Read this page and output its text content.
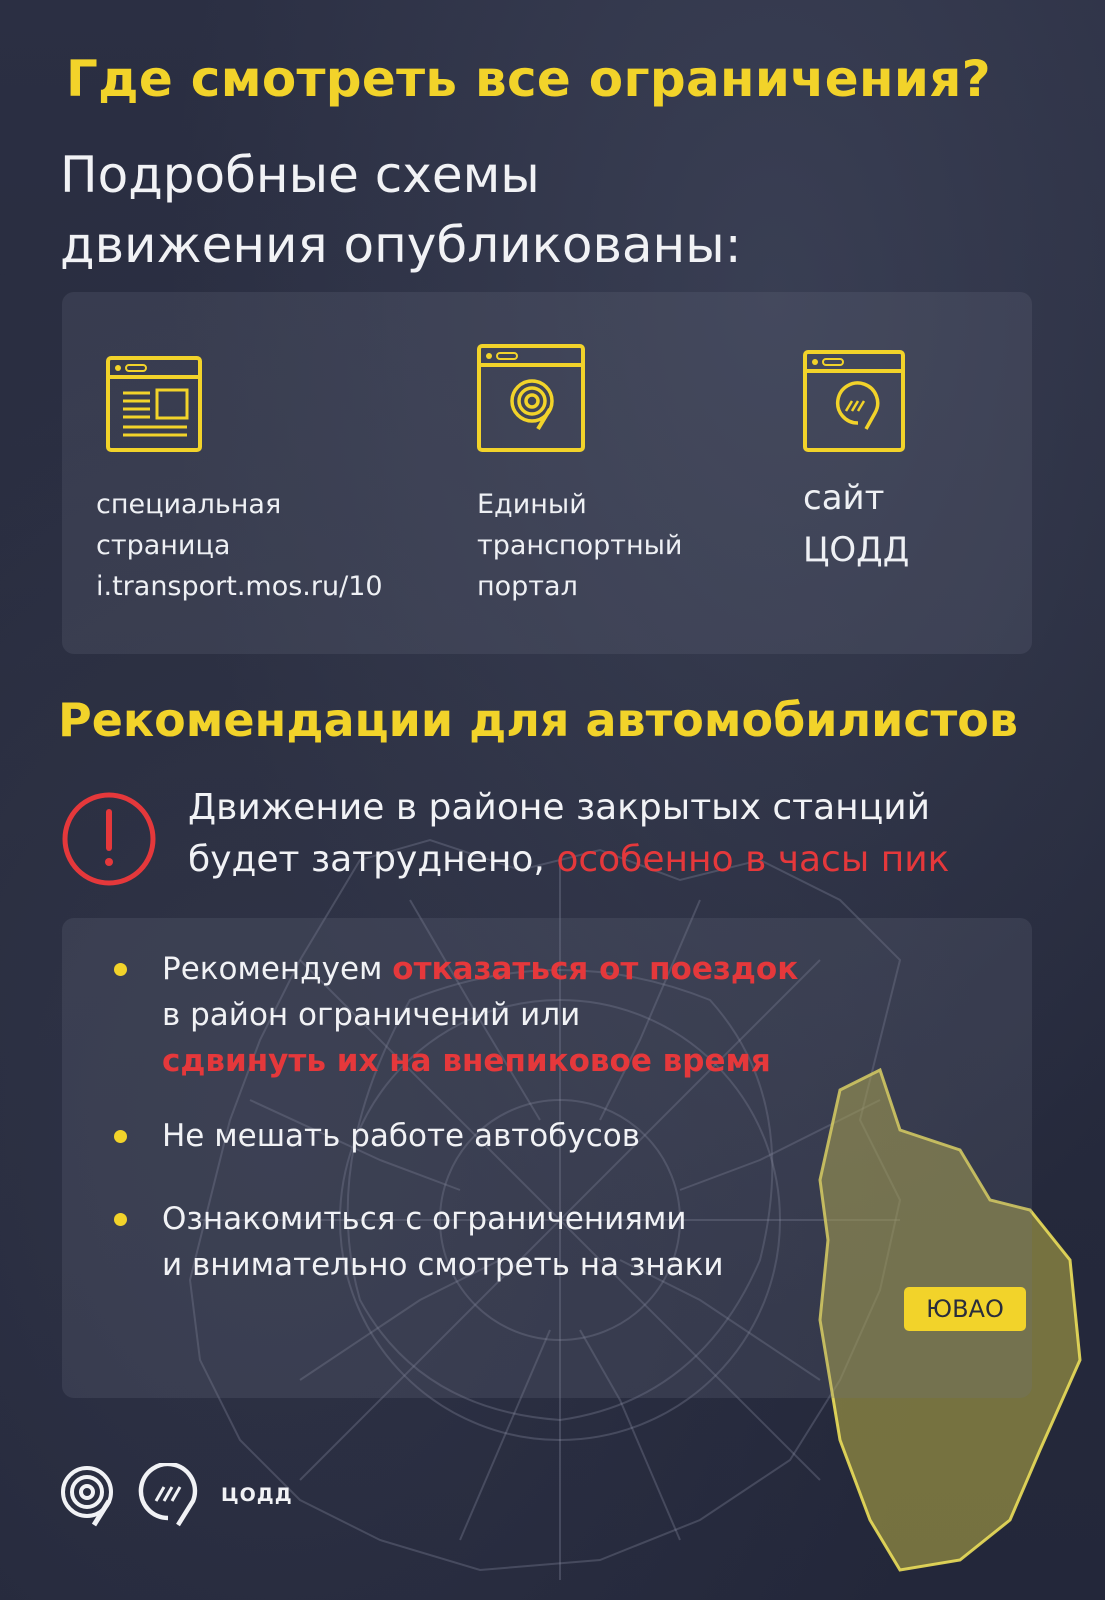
Где смотреть все ограничения?
Подробные схемы
движения опубликованы:
специальная
страница
i.transport.mos.ru/10
Единый
транспортный
портал
сайт
ЦОДД
Рекомендации для автомобилистов
Движение в районе закрытых станций
будет затруднено, особенно в часы пик
Рекомендуем отказаться от поездок
в район ограничений или
сдвинуть их на внепиковое время
Не мешать работе автобусов
Ознакомиться с ограничениями
и внимательно смотреть на знаки
ЮВАО
ЦОДД
